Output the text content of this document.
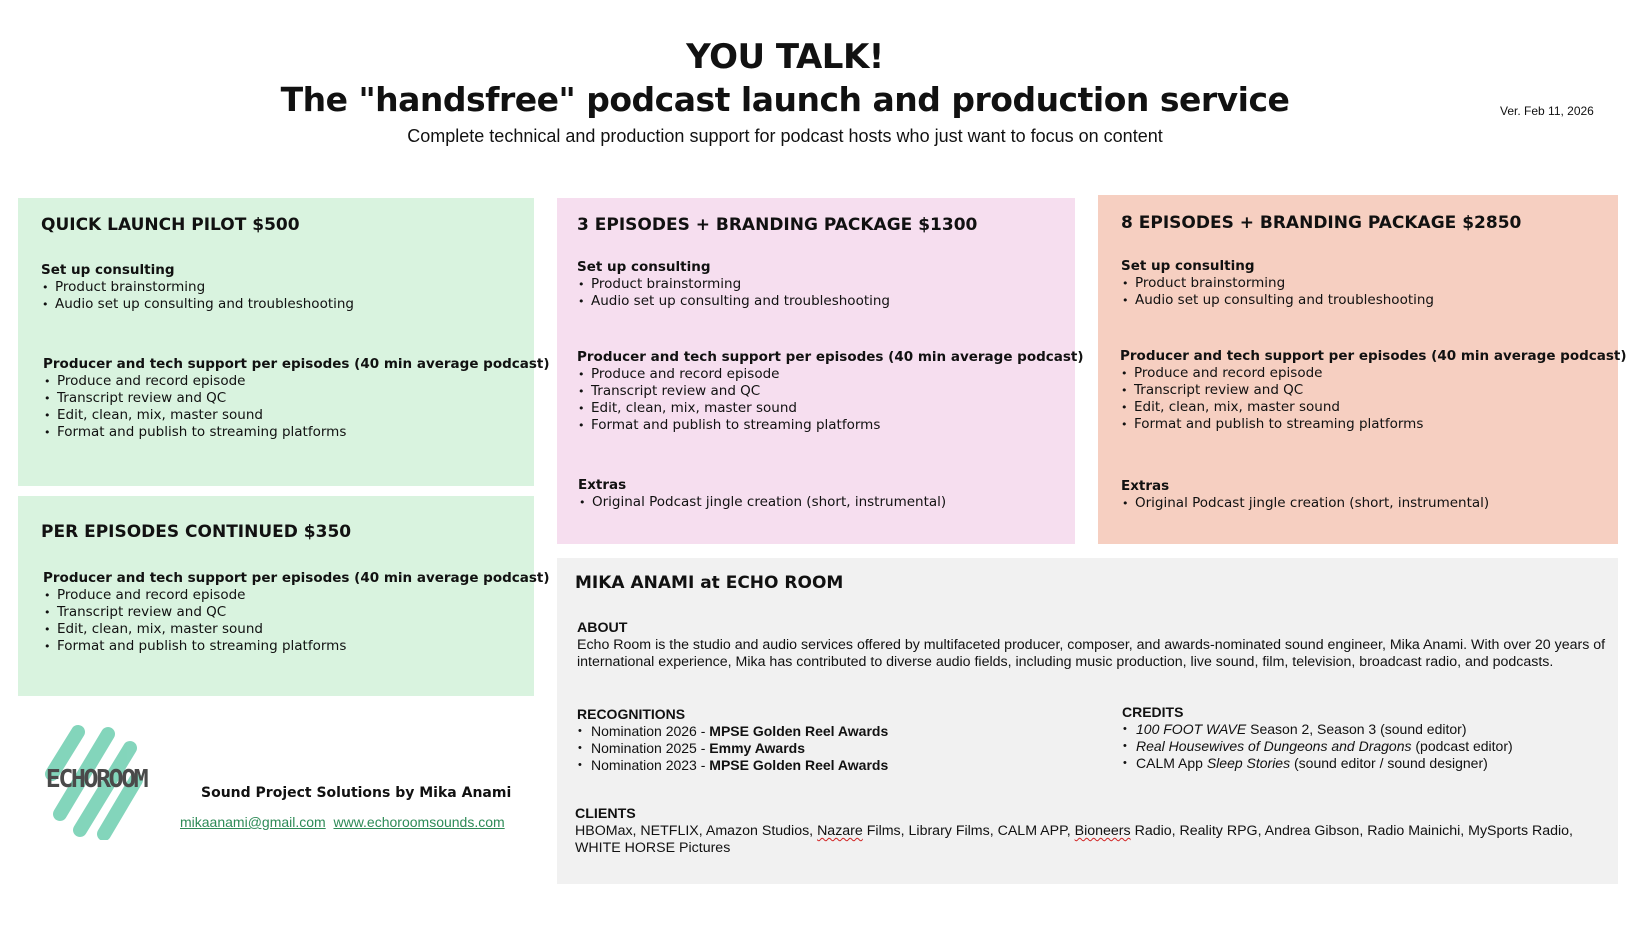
YOU TALK!
The "handsfree" podcast launch and production service
Complete technical and production support for podcast hosts who just want to focus on content
Ver. Feb 11, 2026
QUICK LAUNCH PILOT $500
Set up consulting
• Product brainstorming
• Audio set up consulting and troubleshooting
Producer and tech support per episodes (40 min average podcast)
• Produce and record episode
• Transcript review and QC
• Edit, clean, mix, master sound
• Format and publish to streaming platforms
PER EPISODES CONTINUED $350
Producer and tech support per episodes (40 min average podcast)
• Produce and record episode
• Transcript review and QC
• Edit, clean, mix, master sound
• Format and publish to streaming platforms
3 EPISODES + BRANDING PACKAGE $1300
Set up consulting
• Product brainstorming
• Audio set up consulting and troubleshooting
Producer and tech support per episodes (40 min average podcast)
• Produce and record episode
• Transcript review and QC
• Edit, clean, mix, master sound
• Format and publish to streaming platforms
Extras
• Original Podcast jingle creation (short, instrumental)
8 EPISODES + BRANDING PACKAGE $2850
Set up consulting
• Product brainstorming
• Audio set up consulting and troubleshooting
Producer and tech support per episodes (40 min average podcast)
• Produce and record episode
• Transcript review and QC
• Edit, clean, mix, master sound
• Format and publish to streaming platforms
Extras
• Original Podcast jingle creation (short, instrumental)
MIKA ANAMI at ECHO ROOM
ABOUT
Echo Room is the studio and audio services offered by multifaceted producer, composer, and awards-nominated sound engineer, Mika Anami. With over 20 years of international experience, Mika has contributed to diverse audio fields, including music production, live sound, film, television, broadcast radio, and podcasts.
RECOGNITIONS
• Nomination 2026 - MPSE Golden Reel Awards
• Nomination 2025 - Emmy Awards
• Nomination 2023 - MPSE Golden Reel Awards
CREDITS
• 100 FOOT WAVE Season 2, Season 3 (sound editor)
• Real Housewives of Dungeons and Dragons (podcast editor)
• CALM App Sleep Stories (sound editor / sound designer)
CLIENTS
HBOMax, NETFLIX, Amazon Studios, Nazare Films, Library Films, CALM APP, Bioneers Radio, Reality RPG, Andrea Gibson, Radio Mainichi, MySports Radio, WHITE HORSE Pictures
ECHOROOM	Sound Project Solutions by Mika Anami
mikaanami@gmail.com www.echoroomsounds.com
